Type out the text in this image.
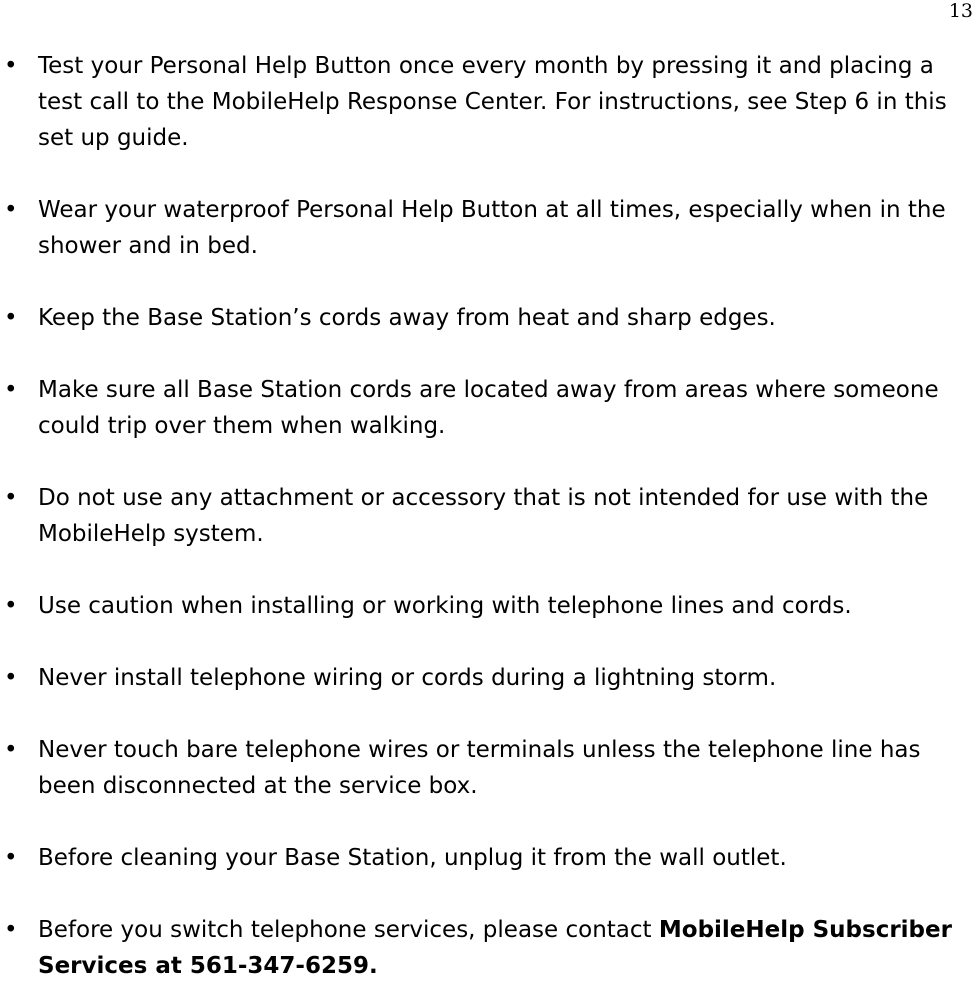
13
• Test your Personal Help Button once every month by pressing it and placing a test call to the MobileHelp Response Center. For instructions, see Step 6 in this set up guide.
• Wear your waterproof Personal Help Button at all times, especially when in the shower and in bed.
• Keep the Base Station’s cords away from heat and sharp edges.
• Make sure all Base Station cords are located away from areas where someone could trip over them when walking.
• Do not use any attachment or accessory that is not intended for use with the MobileHelp system.
• Use caution when installing or working with telephone lines and cords.
• Never install telephone wiring or cords during a lightning storm.
• Never touch bare telephone wires or terminals unless the telephone line has been disconnected at the service box.
• Before cleaning your Base Station, unplug it from the wall outlet.
• Before you switch telephone services, please contact MobileHelp Subscriber Services at 561-347-6259.
